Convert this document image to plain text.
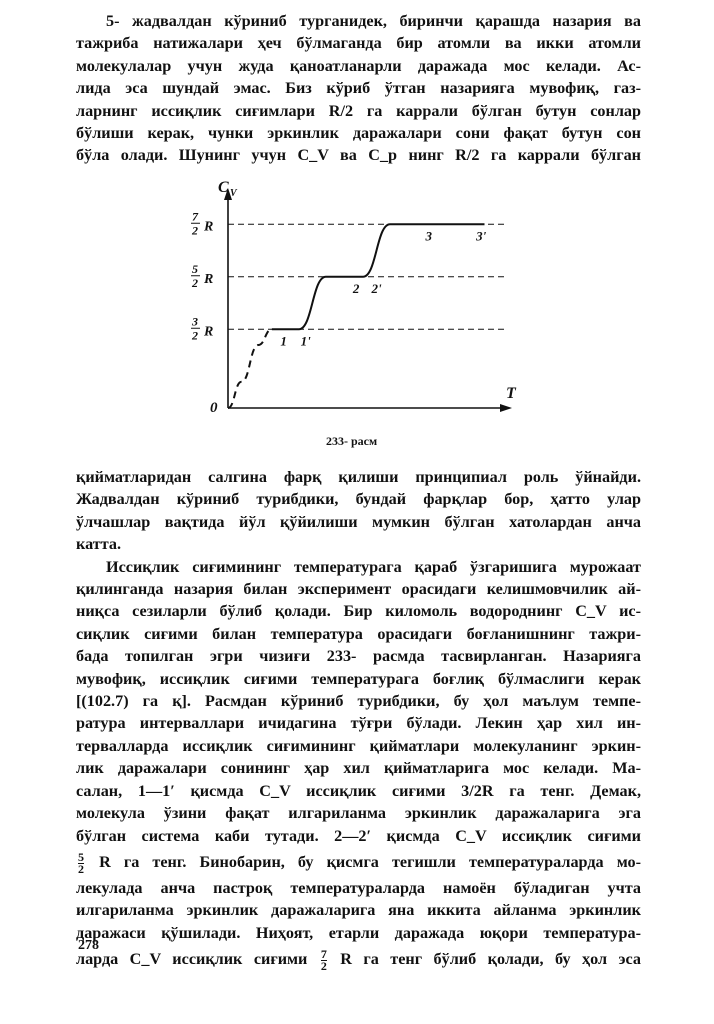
5- жадвалдан кўриниб турганидек, биринчи қарашда назария ва
тажриба натижалари ҳеч бўлмаганда бир атомли ва икки атомли
молекулалар учун жуда қаноатланарли даражада мос келади. Ас-
лида эса шундай эмас. Биз кўриб ўтган назарияга мувофиқ, газ-
ларнинг иссиқлик сиғимлари R/2 га каррали бўлган бутун сонлар
бўлиши керак, чунки эркинлик даражалари сони фақат бутун сон
бўла олади. Шунинг учун C_V ва C_p нинг R/2 га каррали бўлган

C V
T
0
3
2 R
5
2 R
7
2 R
1 1'
2 2'
3	3'
233- расм

қийматларидан салгина фарқ қилиши принципиал роль ўйнайди.
Жадвалдан кўриниб турибдики, бундай фарқлар бор, ҳатто улар
ўлчашлар вақтида йўл қўйилиши мумкин бўлган хатолардан анча
катта.

Иссиқлик сиғимининг температурага қараб ўзгаришига мурожаат
қилинганда назария билан эксперимент орасидаги келишмовчилик ай-
ниқса сезиларли бўлиб қолади. Бир киломоль водороднинг C_V ис-
сиқлик сиғими билан температура орасидаги боғланишнинг тажри-
бада топилган эгри чизиғи 233- расмда тасвирланган. Назарияга
мувофиқ, иссиқлик сиғими температурага боғлиқ бўлмаслиги керак
[(102.7) га қ]. Расмдан кўриниб турибдики, бу ҳол маълум темпе-
ратура интерваллари ичидагина тўғри бўлади. Лекин ҳар хил ин-
тервалларда иссиқлик сиғимининг қийматлари молекуланинг эркин-
лик даражалари сонининг ҳар хил қийматларига мос келади. Ма-
салан, 1—1′ қисмда C_V иссиқлик сиғими 3/2R га тенг. Демак,
молекула ўзини фақат илгариланма эркинлик даражаларига эга
бўлган система каби тутади. 2—2′ қисмда C_V иссиқлик сиғими
$\frac{5}{2}$ R га тенг. Бинобарин, бу қисмга тегишли температураларда мо-
лекулада анча пастроқ температураларда намоён бўладиган учта
илгариланма эркинлик даражаларига яна иккита айланма эркинлик
даражаси қўшилади. Ниҳоят, етарли даражада юқори температура-
ларда C_V иссиқлик сиғими $\frac{7}{2}$ R га тенг бўлиб қолади, бу ҳол эса

278
